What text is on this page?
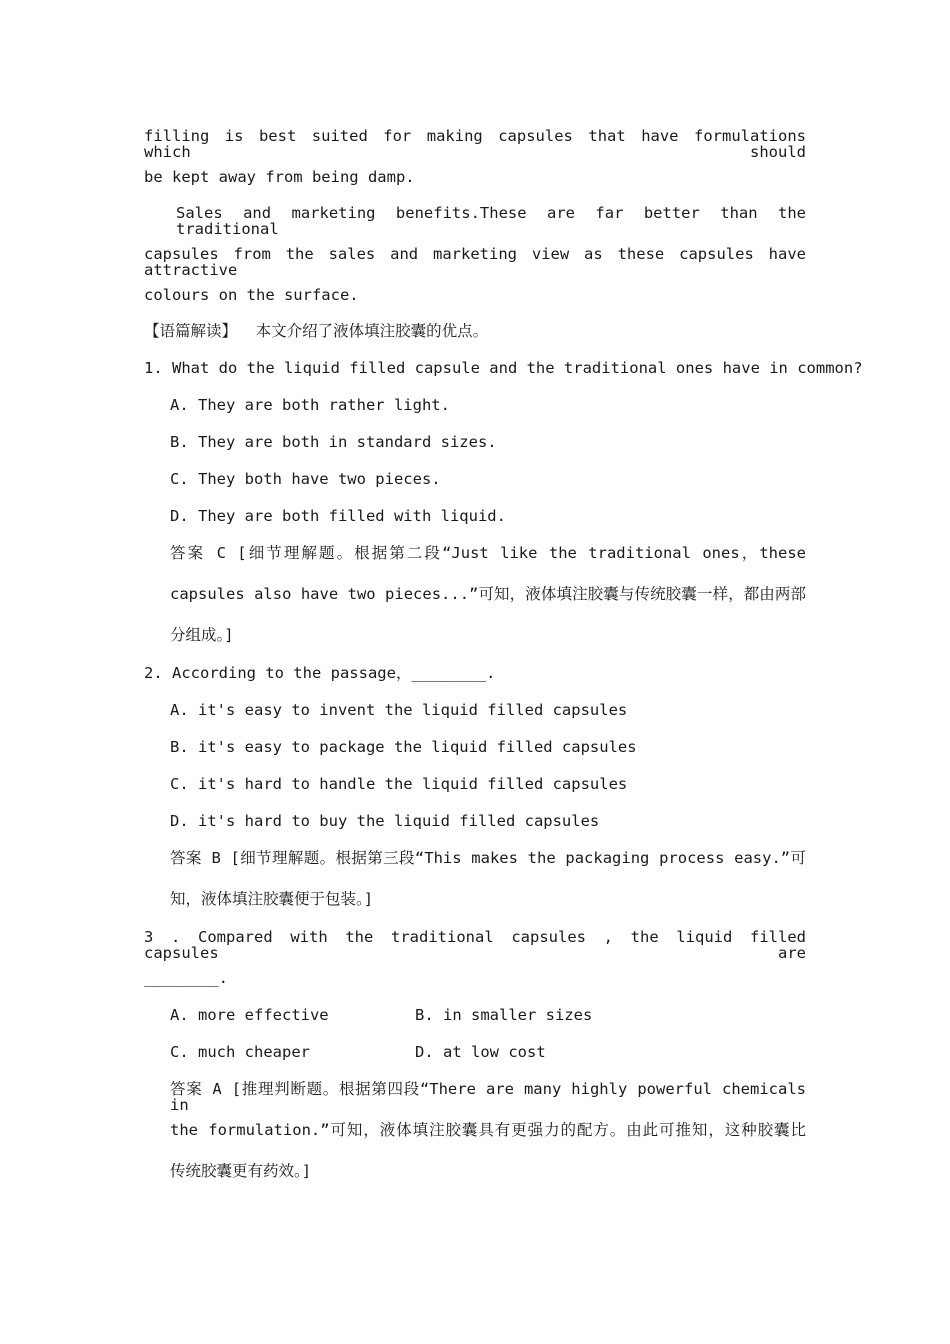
filling is best suited for making capsules that have formulations which should
be kept away from being damp.
Sales and marketing benefits.These are far better than the traditional
capsules from the sales and marketing view as these capsules have attractive
colours on the surface.
【语篇解读】  本文介绍了液体填注胶囊的优点。
1. What do the liquid filled capsule and the traditional ones have in common?
A. They are both rather light.
B. They are both in standard sizes.
C. They both have two pieces.
D. They are both filled with liquid.
答案 C [细节理解题。根据第二段“Just like the traditional ones，these
capsules also have two pieces...”可知，液体填注胶囊与传统胶囊一样，都由两部
分组成。]
2. According to the passage，________.
A. it's easy to invent the liquid filled capsules
B. it's easy to package the liquid filled capsules
C. it's hard to handle the liquid filled capsules
D. it's hard to buy the liquid filled capsules
答案 B [细节理解题。根据第三段“This makes the packaging process easy.”可
知，液体填注胶囊便于包装。]
3 . Compared with the traditional capsules , the liquid filled capsules are
________.
A. more effective	B. in smaller sizes
C. much cheaper	D. at low cost
答案 A [推理判断题。根据第四段“There are many highly powerful chemicals in
the formulation.”可知，液体填注胶囊具有更强力的配方。由此可推知，这种胶囊比
传统胶囊更有药效。]
